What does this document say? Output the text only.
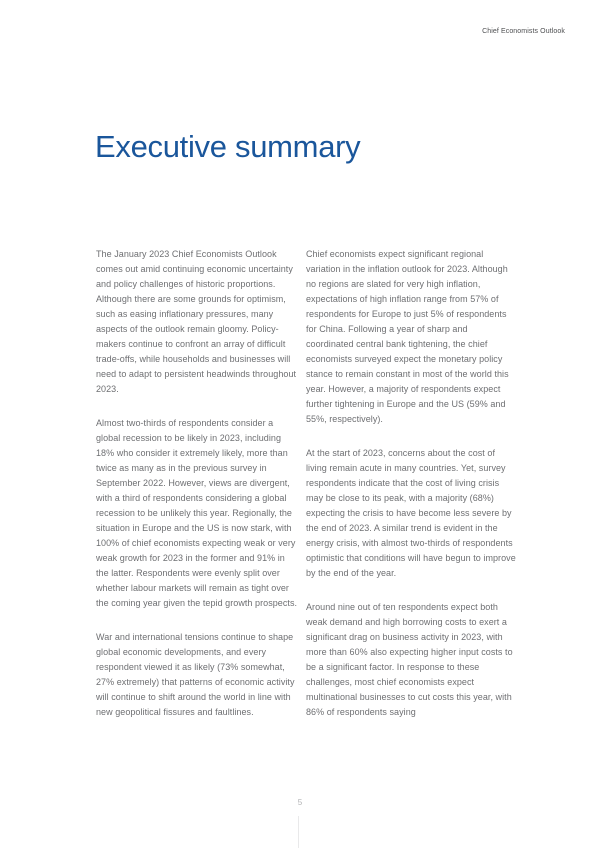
Chief Economists Outlook
Executive summary

The January 2023 Chief Economists Outlook comes out amid continuing economic uncertainty and policy challenges of historic proportions. Although there are some grounds for optimism, such as easing inflationary pressures, many aspects of the outlook remain gloomy. Policy-makers continue to confront an array of difficult trade-offs, while households and businesses will need to adapt to persistent headwinds throughout 2023.

Almost two-thirds of respondents consider a global recession to be likely in 2023, including 18% who consider it extremely likely, more than twice as many as in the previous survey in September 2022. However, views are divergent, with a third of respondents considering a global recession to be unlikely this year. Regionally, the situation in Europe and the US is now stark, with 100% of chief economists expecting weak or very weak growth for 2023 in the former and 91% in the latter. Respondents were evenly split over whether labour markets will remain as tight over the coming year given the tepid growth prospects.

War and international tensions continue to shape global economic developments, and every respondent viewed it as likely (73% somewhat, 27% extremely) that patterns of economic activity will continue to shift around the world in line with new geopolitical fissures and faultlines.

Chief economists expect significant regional variation in the inflation outlook for 2023. Although no regions are slated for very high inflation, expectations of high inflation range from 57% of respondents for Europe to just 5% of respondents for China. Following a year of sharp and coordinated central bank tightening, the chief economists surveyed expect the monetary policy stance to remain constant in most of the world this year. However, a majority of respondents expect further tightening in Europe and the US (59% and 55%, respectively).

At the start of 2023, concerns about the cost of living remain acute in many countries. Yet, survey respondents indicate that the cost of living crisis may be close to its peak, with a majority (68%) expecting the crisis to have become less severe by the end of 2023. A similar trend is evident in the energy crisis, with almost two-thirds of respondents optimistic that conditions will have begun to improve by the end of the year.

Around nine out of ten respondents expect both weak demand and high borrowing costs to exert a significant drag on business activity in 2023, with more than 60% also expecting higher input costs to be a significant factor. In response to these challenges, most chief economists expect multinational businesses to cut costs this year, with 86% of respondents saying

5
